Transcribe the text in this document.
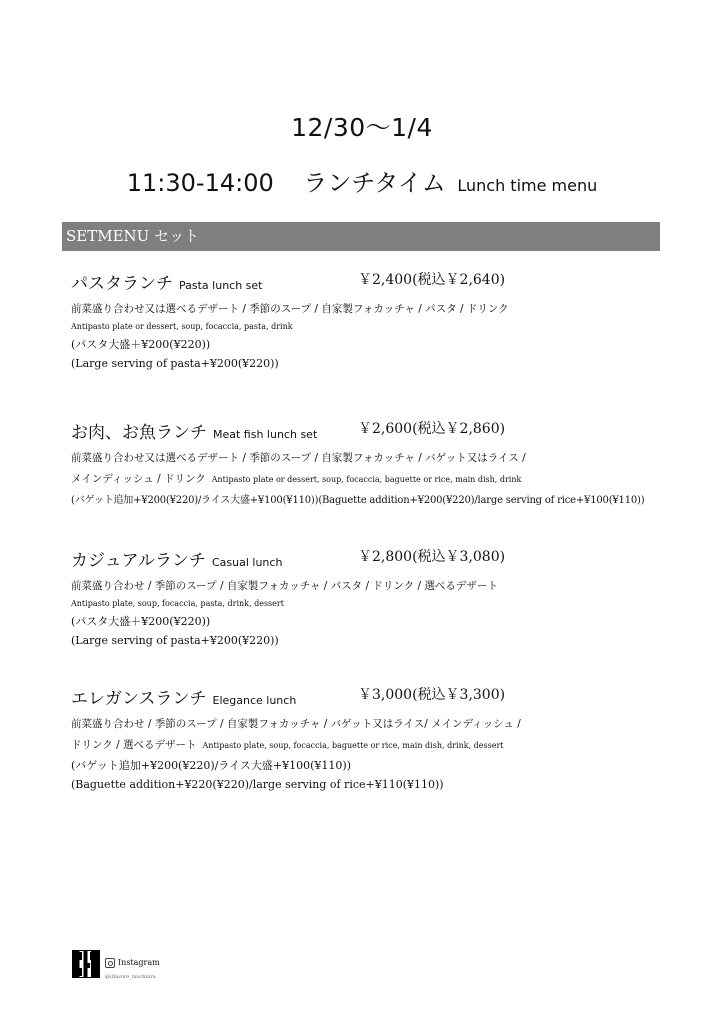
12/30～1/4
11:30-14:00 ランチタイム Lunch time menu
SETMENU セット
パスタランチ Pasta lunch set	￥2,400(税込￥2,640)
前菜盛り合わせ又は選べるデザート / 季節のスープ / 自家製フォカッチャ / パスタ / ドリンク
Antipasto plate or dessert, soup, focaccia, pasta, drink
(パスタ大盛＋¥200(¥220))
(Large serving of pasta+¥200(¥220))
お肉、お魚ランチ Meat fish lunch set	￥2,600(税込￥2,860)
前菜盛り合わせ又は選べるデザート / 季節のスープ / 自家製フォカッチャ / バゲット又はライス /
メインディッシュ / ドリンク Antipasto plate or dessert, soup, focaccia, baguette or rice, main dish, drink
(バゲット追加+¥200(¥220)/ライス大盛+¥100(¥110))(Baguette addition+¥200(¥220)/large serving of rice+¥100(¥110))
カジュアルランチ Casual lunch	￥2,800(税込￥3,080)
前菜盛り合わせ / 季節のスープ / 自家製フォカッチャ / パスタ / ドリンク / 選べるデザート
Antipasto plate, soup, focaccia, pasta, drink, dessert
(パスタ大盛＋¥200(¥220))
(Large serving of pasta+¥200(¥220))
エレガンスランチ Elegance lunch	￥3,000(税込￥3,300)
前菜盛り合わせ / 季節のスープ / 自家製フォカッチャ / バゲット又はライス/ メインディッシュ /
ドリンク / 選べるデザート Antipasto plate, soup, focaccia, baguette or rice, main dish, drink, dessert
(バゲット追加+¥200(¥220)/ライス大盛+¥100(¥110))
(Baguette addition+¥220(¥220)/large serving of rice+¥110(¥110))
Instagram
@ilfavore_tsuchiura
